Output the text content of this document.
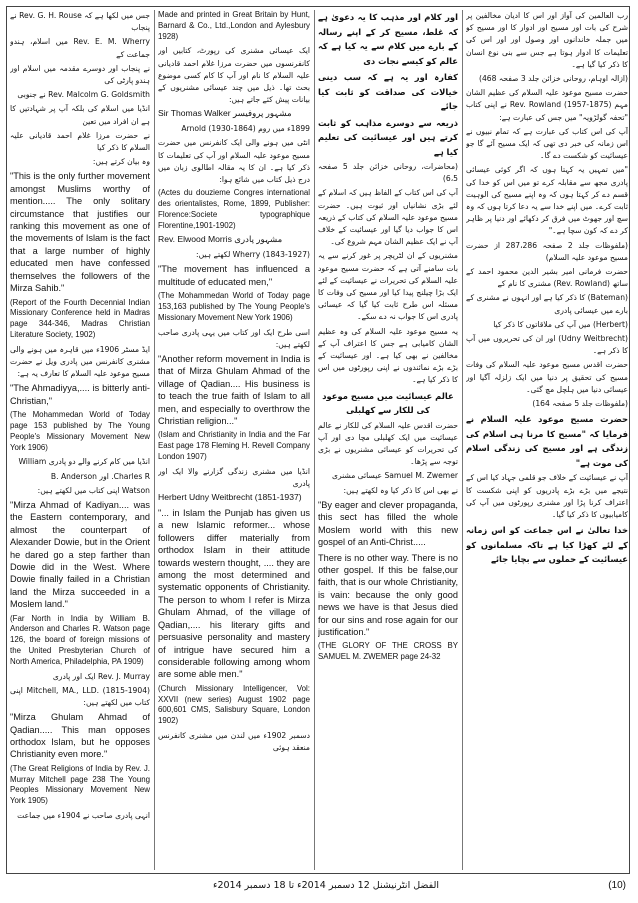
جس میں لکھا ہے کہ Rev. G. H. Rouse نے پنجاب

Rev. E. M. Wherry میں اسلام، ہندو جماعت کے

نے پنجاب اور دوسرے مقدمہ میں اسلام اور ہندو پارٹی کی

Rev. Malcolm G. Goldsmith نے جنوبی

انڈیا میں اسلام کی بلکہ آپ پر شہادتیں کا ہے ان افراد میں تعین

نے حضرت مرزا غلام احمد قادیانی علیہ السلام کا ذکر کیا

وہ بیان کرتے ہیں:

"This is the only further movement amongst Muslims worthy of mention..... The only solitary circumstance that justifies our ranking this movement as one of the movements of Islam is the fact that a large number of highly educated men have confessed themselves the followers of the Mirza Sahib."

(Report of the Fourth Decennial Indian Missionary Conference held in Madras page 344-346, Madras Christian Literature Society, 1902)

ایڈ مسٹر 1906ء میں قاہرہ میں ہونے والی مشنری کانفرنس میں پادری ویل نے حضرت مسیح موعود علیہ السلام کا تعارف یہ ہے:

"The Ahmadiyya,.... is bitterly anti-Christian,"

(The Mohammedan World of Today page 153 published by The Young People's Missionary Movement New York 1906)

انڈیا میں کام کرنے والے دو پادری William

Charles R. اور B. Anderson

Watson اپنی کتاب میں لکھتے ہیں:

"Mirza Ahmad of Kadiyan.... was the Eastern contemporary, and almost the counterpart of Alexander Dowie, but in the Orient he dared go a step farther than Dowie did in the West. Where Dowie finally failed in a Christian land the Mirza succeeded in a Moslem land."

(Far North in India by William B. Anderson and Charles R. Watson page 126, the board of foreign missions of the United Presbyterian Church of North America, Philadelphia, PA 1909)

Rev. J. Murray ایک اور پادری

(Mitchell, MA., LLD. (1815-1904 اپنی کتاب میں لکھتے ہیں:

"Mirza Ghulam Ahmad of Qadian..... This man opposes orthodox Islam, but he opposes Christianity even more."

(The Great Religions of India by Rev. J. Murray Mitchell page 238 The Young Peoples Missionary Movement New York 1905)

انہی پادری صاحب نے 1904ء میں جماعت

Made and printed in Great Britain by Hunt, Barnard & Co., Ltd.,London and Aylesbury 1928)

ایک عیسائی مشنری کی رپورٹ، کتابیں اور کانفرنسوں میں حضرت مرزا غلام احمد قادیانی علیہ السلام کا نام اور آپ کا کام کسی موضوع بحث تھا۔ ذیل میں چند عیسائی مشنریوں کے بیانات پیش کئے جاتے ہیں:

Sir Thomas Walker مشہور پروفیسر

1899ء میں روم (1864-1930) Arnold

انٹی میں ہونے والی ایک کانفرنس میں حضرت مسیح موعود علیہ السلام اور آپ کی تعلیمات کا ذکر کیا ہے۔ ان کا یہ مقالہ اطالوی زبان میں درج ذیل کتاب میں شائع ہوا:

(Actes du douzieme Congres international des orientalistes, Rome, 1899, Publisher: Florence:Societe typographique Florentine,1901-1902)

Rev. Elwood Morris مشہور پادری

Wherry (1843-1927) لکھتے ہیں:

"The movement has influenced a multitude of educated men,"

(The Mohammedan World of Today page 153,163 published by The Young People's Missionary Movement New York 1906)

اسی طرح ایک اور کتاب میں یہی پادری صاحب لکھتے ہیں:

"Another reform movement in India is that of Mirza Ghulam Ahmad of the village of Qadian.... His business is to teach the true faith of Islam to all men, and especially to overthrow the Christian religion..."

(Islam and Christianity in India and the Far East page 178 Fleming H. Revell Company London 1907)

انڈیا میں مشنری زندگی گزارنے والا ایک اور پادری

Herbert Udny Weitbrecht (1851-1937)

"... in Islam the Punjab has given us a new Islamic reformer... whose followers differ materially from orthodox Islam in their attitude towards western thought, .... they are among the most determined and systematic opponents of Christianity. The person to whom I refer is Mirza Ghulam Ahmad, of the village of Qadian,.... his literary gifts and persuasive personality and mastery of intrigue have secured him a considerable following among whom are some able men."

(Church Missionary Intelligencer, Vol: XXVII (new series) August 1902 page 600,601 CMS, Salisbury Square, London 1902)

دسمبر 1902ء میں لندن میں مشنری کانفرنس منعقد ہوئی

اور کلام اور مذہب کا یہ دعویٰ ہے کہ غلط، مسیح کر کے اپنے رسالہ کے بارے میں کلام سے یہ کیا ہے کہ عالم کو کیسے نجات دی

کفارہ اور یہ ہے کہ سب دینی خیالات کی صداقت کو ثابت کیا جائے

ذریعہ سے دوسرے مذاہب کو ثابت کرتے ہیں اور عیسائیت کی تعلیم کیا ہے

(محاضرات، روحانی خزائن جلد 5 صفحہ 6،5)

آپ کی اس کتاب کے الفاظ ہیں کہ اسلام کے لئے بڑی نشانیاں اور ثبوت ہیں۔ حضرت مسیح موعود علیہ السلام کی کتاب کے ذریعہ اس کا جواب دیا گیا اور عیسائیت کے خلاف آپ نے ایک عظیم الشان مہم شروع کی۔

مشنریوں کے ان لٹریچر پر غور کرنے سے یہ بات سامنے آتی ہے کہ حضرت مسیح موعود علیہ السلام کی تحریرات نے عیسائیت کے لئے ایک بڑا چیلنج پیدا کیا اور مسیح کی وفات کا مسئلہ اس طرح ثابت کیا گیا کہ عیسائی پادری اس کا جواب نہ دے سکے۔

یہ مسیح موعود علیہ السلام کی وہ عظیم الشان کامیابی ہے جس کا اعتراف آپ کے مخالفین نے بھی کیا ہے۔ اور عیسائیت کے بڑے بڑے نمائندوں نے اپنی رپورٹوں میں اس کا ذکر کیا ہے۔

عالم عیسائیت میں مسیح موعود کی للکار سے کھلبلی

حضرت اقدس علیہ السلام کی للکار نے عالم عیسائیت میں ایک کھلبلی مچا دی اور آپ کی تحریرات کو عیسائی مشنریوں نے بڑی توجہ سے پڑھا۔

Samuel M. Zwemer عیسائی مشنری

نے بھی اس کا ذکر کیا وہ لکھتے ہیں:

"By eager and clever propaganda, this sect has filled the whole Moslem world with this new gospel of an Anti-Christ.....

There is no other way. There is no other gospel. If this be false,our faith, that is our whole Christianity, is vain: because the only good news we have is that Jesus died for our sins and rose again for our justification."

(THE GLORY OF THE CROSS BY SAMUEL M. ZWEMER page 24-32

رب العالمین کی آواز اور اس کا ادیان مخالفین پر شرح کی بات اور مسیح اور ادوار کا اور مسیح کو میں جملہ خاندانوں اور وصول اور اور اس کی تعلیمات کا ادوار ہوتا ہے جس سے بنی نوع انسان کا ذکر کیا گیا ہے۔

(ازالہ اوہام، روحانی خزائن جلد 3 صفحہ 468)

حضرت مسیح موعود علیہ السلام کی عظیم الشان مہم (1875-1957) Rev. Rowland نے اپنی کتاب "تحفہ گولڑویہ" میں جس کی عبارت ہے:

آپ کی اس کتاب کی عبارت ہے کہ تمام نبیوں نے اس زمانہ کی خبر دی تھی کہ ایک مسیح آئے گا جو عیسائیت کو شکست دے گا۔

"میں تمہیں یہ کہتا ہوں کہ اگر کوئی عیسائی پادری مجھ سے مقابلہ کرے تو میں اس کو خدا کی قسم دے کر کہتا ہوں کہ وہ اپنے مسیح کی الوہیت ثابت کرے۔ میں اپنے خدا سے یہ دعا کرتا ہوں کہ وہ سچ اور جھوٹ میں فرق کر دکھائے اور دنیا پر ظاہر کر دے کہ کون سچا ہے۔"

(ملفوظات جلد 2 صفحہ 287،286 از حضرت مسیح موعود علیہ السلام)

حضرت فرمانی امیر بشیر الدین محمود احمد کے ساتھ (Rev. Rowland) مشنری کا نام کے

(Bateman) کا ذکر کیا ہے اور انہوں نے مشنری کے بارے میں عیسائی پادری

(Herbert) میں آپ کی ملاقاتوں کا ذکر کیا

(Udny Weitbrecht) اور ان کی تحریروں میں آپ کا ذکر ہے۔

حضرت اقدس مسیح موعود علیہ السلام کی وفات مسیح کی تحقیق پر دنیا میں ایک زلزلہ آگیا اور عیسائی دنیا میں ہلچل مچ گئی۔

(ملفوظات جلد 5 صفحہ 164)

حضرت مسیح موعود علیہ السلام نے فرمایا کہ "مسیح کا مرنا ہی اسلام کی زندگی ہے اور مسیح کی زندگی اسلام کی موت ہے"

آپ نے عیسائیت کے خلاف جو قلمی جہاد کیا اس کے نتیجے میں بڑے بڑے پادریوں کو اپنی شکست کا اعتراف کرنا پڑا اور مشنری رپورٹوں میں آپ کی کامیابیوں کا ذکر کیا گیا۔

خدا تعالیٰ نے اس جماعت کو اس زمانہ کے لئے کھڑا کیا ہے تاکہ مسلمانوں کو عیسائیت کے حملوں سے بچایا جائے

الفضل انٹرنیشنل 12 دسمبر 2014ء تا 18 دسمبر 2014ء	(10)
